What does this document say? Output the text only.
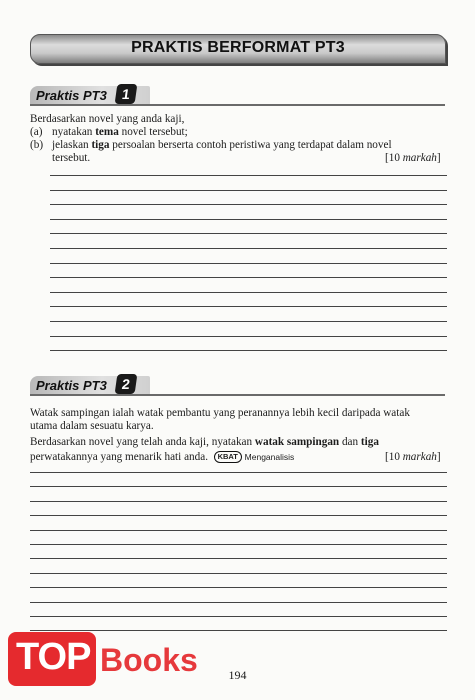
PRAKTIS BERFORMAT PT3
Praktis PT3	1
Berdasarkan novel yang anda kaji,
(a) nyatakan tema novel tersebut;
(b) jelaskan tiga persoalan berserta contoh peristiwa yang terdapat dalam novel
tersebut.	[10 markah]
Praktis PT3	2
Watak sampingan ialah watak pembantu yang peranannya lebih kecil daripada watak
utama dalam sesuatu karya.
Berdasarkan novel yang telah anda kaji, nyatakan watak sampingan dan tiga
perwatakannya yang menarik hati anda. KBAT Menganalisis	[10 markah]
194
TOP Books
